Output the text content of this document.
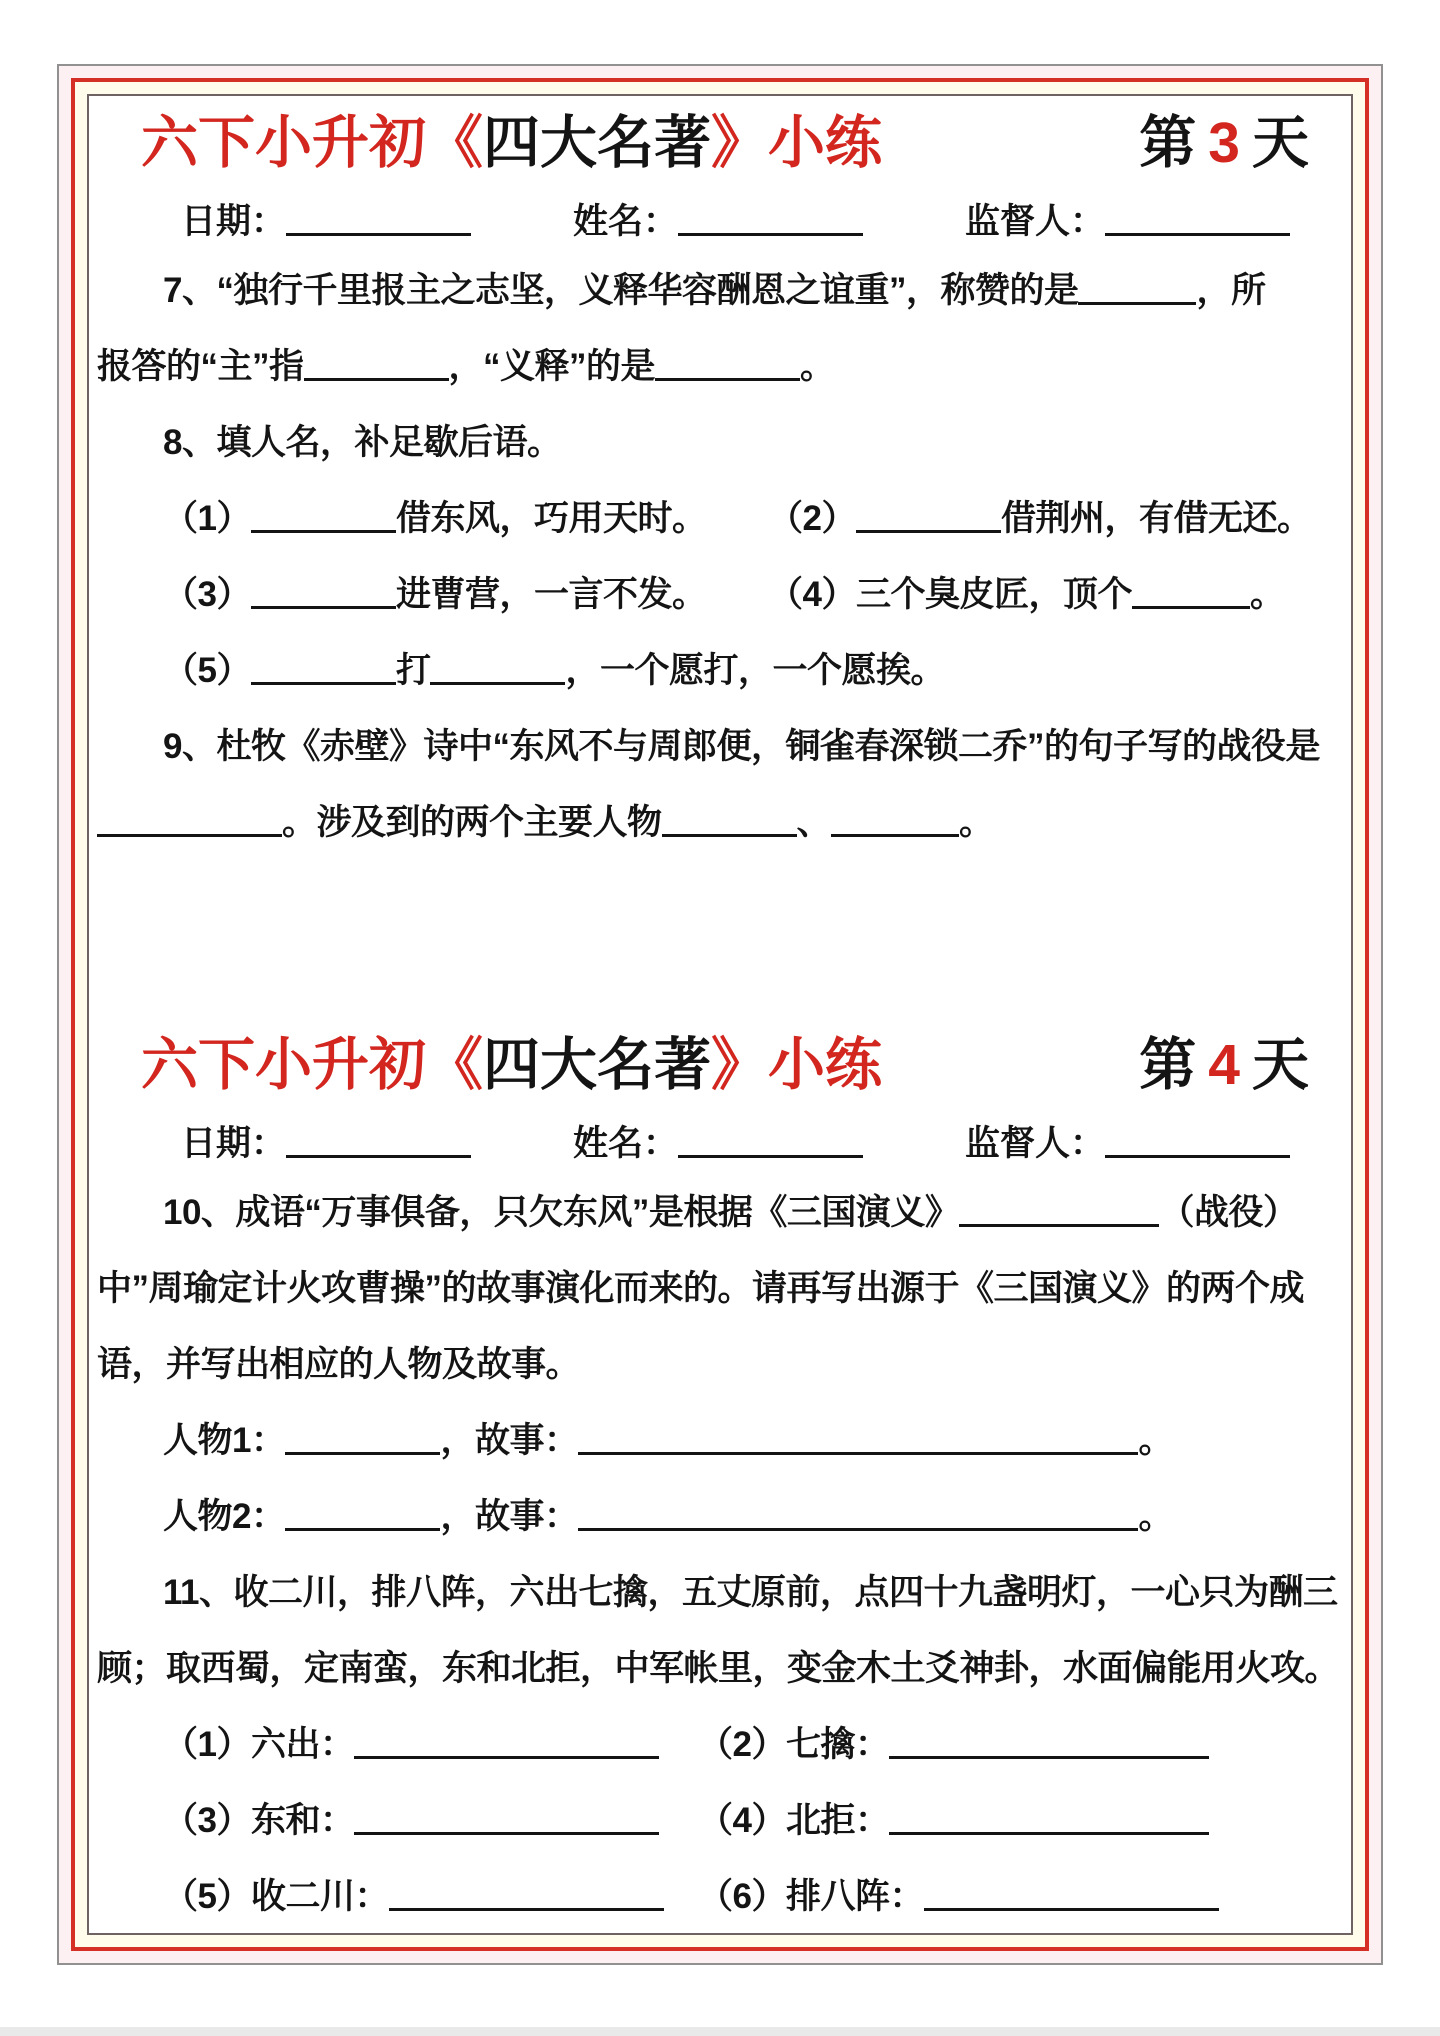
六下小升初《四大名著》小练	第 3 天
日期：	姓名：	监督人：
7、“独行千里报主之志坚，义释华容酬恩之谊重”，称赞的是	，所
报答的“主”指	，“义释”的是	。
8、填人名，补足歇后语。
（1）	借东风，巧用天时。 （2）	借荆州，有借无还。
（3）	进曹营，一言不发。 （4）三个臭皮匠，顶个	。
（5）	打	，一个愿打，一个愿挨。
9、杜牧《赤壁》诗中“东风不与周郎便，铜雀春深锁二乔”的句子写的战役是
。涉及到的两个主要人物	、	。
六下小升初《四大名著》小练	第 4 天
日期：	姓名：	监督人：
10、成语“万事俱备，只欠东风”是根据《三国演义》	（战役）
中”周瑜定计火攻曹操”的故事演化而来的。请再写出源于《三国演义》的两个成
语，并写出相应的人物及故事。
人物1：	，故事：	。
人物2：	，故事：	。
11、收二川，排八阵，六出七擒，五丈原前，点四十九盏明灯，一心只为酬三
顾；取西蜀，定南蛮，东和北拒，中军帐里，变金木土爻神卦，水面偏能用火攻。
（1）六出：	（2）七擒：
（3）东和：	（4）北拒：
（5）收二川：	（6）排八阵：
